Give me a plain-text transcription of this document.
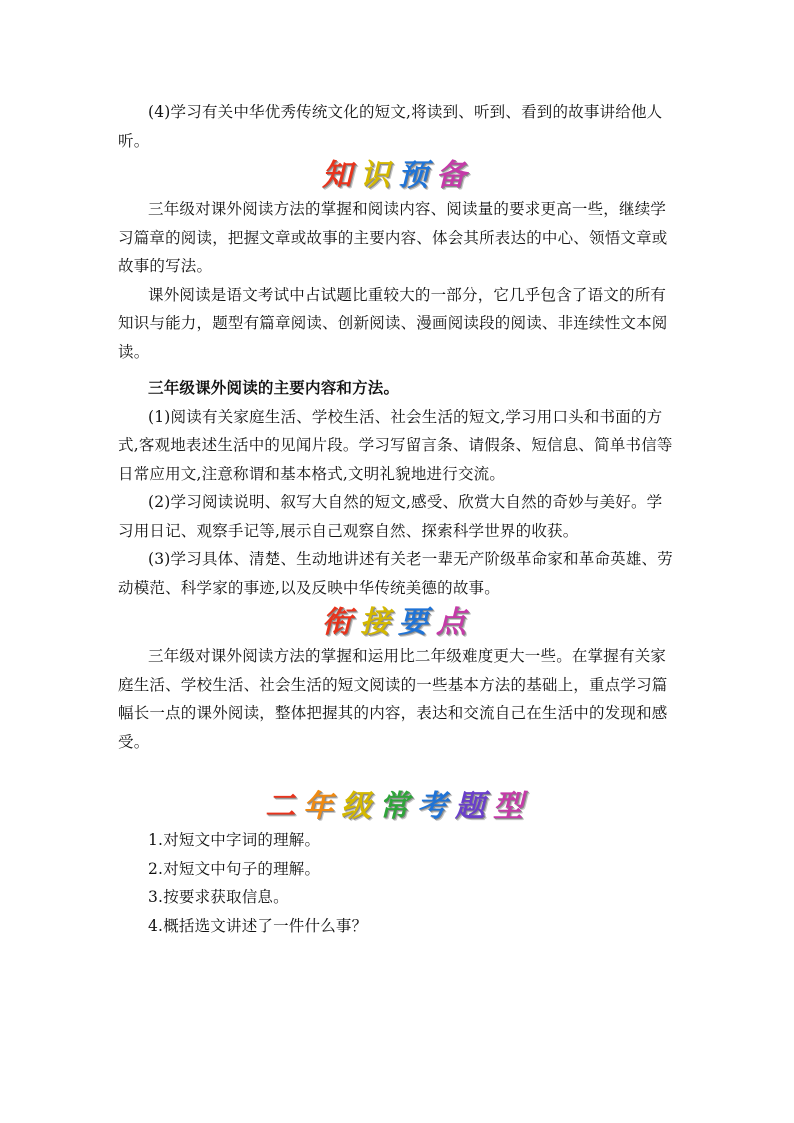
(4)学习有关中华优秀传统文化的短文,将读到、听到、看到的故事讲给他人听。

知识预备

三年级对课外阅读方法的掌握和阅读内容、阅读量的要求更高一些，继续学习篇章的阅读，把握文章或故事的主要内容、体会其所表达的中心、领悟文章或故事的写法。

课外阅读是语文考试中占试题比重较大的一部分，它几乎包含了语文的所有知识与能力，题型有篇章阅读、创新阅读、漫画阅读段的阅读、非连续性文本阅读。

三年级课外阅读的主要内容和方法。

(1)阅读有关家庭生活、学校生活、社会生活的短文,学习用口头和书面的方式,客观地表述生活中的见闻片段。学习写留言条、请假条、短信息、简单书信等日常应用文,注意称谓和基本格式,文明礼貌地进行交流。

(2)学习阅读说明、叙写大自然的短文,感受、欣赏大自然的奇妙与美好。学习用日记、观察手记等,展示自己观察自然、探索科学世界的收获。

(3)学习具体、清楚、生动地讲述有关老一辈无产阶级革命家和革命英雄、劳动模范、科学家的事迹,以及反映中华传统美德的故事。

衔接要点

三年级对课外阅读方法的掌握和运用比二年级难度更大一些。在掌握有关家庭生活、学校生活、社会生活的短文阅读的一些基本方法的基础上，重点学习篇幅长一点的课外阅读，整体把握其的内容，表达和交流自己在生活中的发现和感受。

二年级常考题型

1.对短文中字词的理解。

2.对短文中句子的理解。

3.按要求获取信息。

4.概括选文讲述了一件什么事？
